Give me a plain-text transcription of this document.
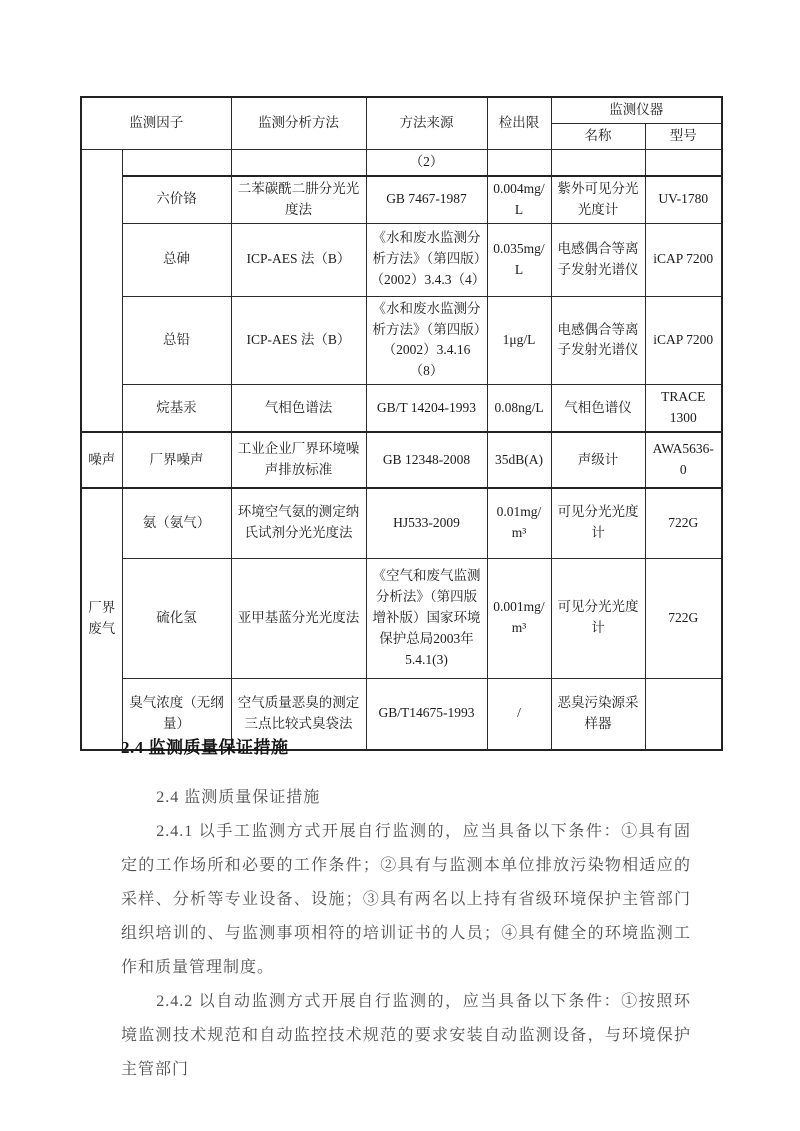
监测因子		监测分析方法	方法来源	检出限	监测仪器	
					名称	型号
			（2）			
	六价铬	二苯碳酰二肼分光光度法	GB 7467-1987	0.004mg/L	紫外可见分光光度计	UV-1780
	总砷	ICP-AES 法（B）	《水和废水监测分析方法》（第四版）（2002）3.4.3（4）	0.035mg/L	电感偶合等离子发射光谱仪	iCAP 7200
	总铅	ICP-AES 法（B）	《水和废水监测分析方法》（第四版）（2002）3.4.16（8）	1μg/L	电感偶合等离子发射光谱仪	iCAP 7200
	烷基汞	气相色谱法	GB/T 14204-1993	0.08ng/L	气相色谱仪	TRACE 1300
噪声	厂界噪声	工业企业厂界环境噪声排放标准	GB 12348-2008	35dB(A)	声级计	AWA5636-0
厂界废气	氨（氨气）	环境空气氨的测定纳氏试剂分光光度法	HJ533-2009	0.01mg/m³	可见分光光度计	722G
	硫化氢	亚甲基蓝分光光度法	《空气和废气监测分析法》（第四版增补版）国家环境保护总局2003年5.4.1(3)	0.001mg/m³	可见分光光度计	722G
	臭气浓度（无纲量）	空气质量恶臭的测定三点比较式臭袋法	GB/T14675-1993	/	恶臭污染源采样器	
2.4 监测质量保证措施

2.4 监测质量保证措施

2.4.1 以手工监测方式开展自行监测的，应当具备以下条件：①具有固定的工作场所和必要的工作条件；②具有与监测本单位排放污染物相适应的采样、分析等专业设备、设施；③具有两名以上持有省级环境保护主管部门组织培训的、与监测事项相符的培训证书的人员；④具有健全的环境监测工作和质量管理制度。

2.4.2 以自动监测方式开展自行监测的，应当具备以下条件：①按照环境监测技术规范和自动监控技术规范的要求安装自动监测设备，与环境保护主管部门
